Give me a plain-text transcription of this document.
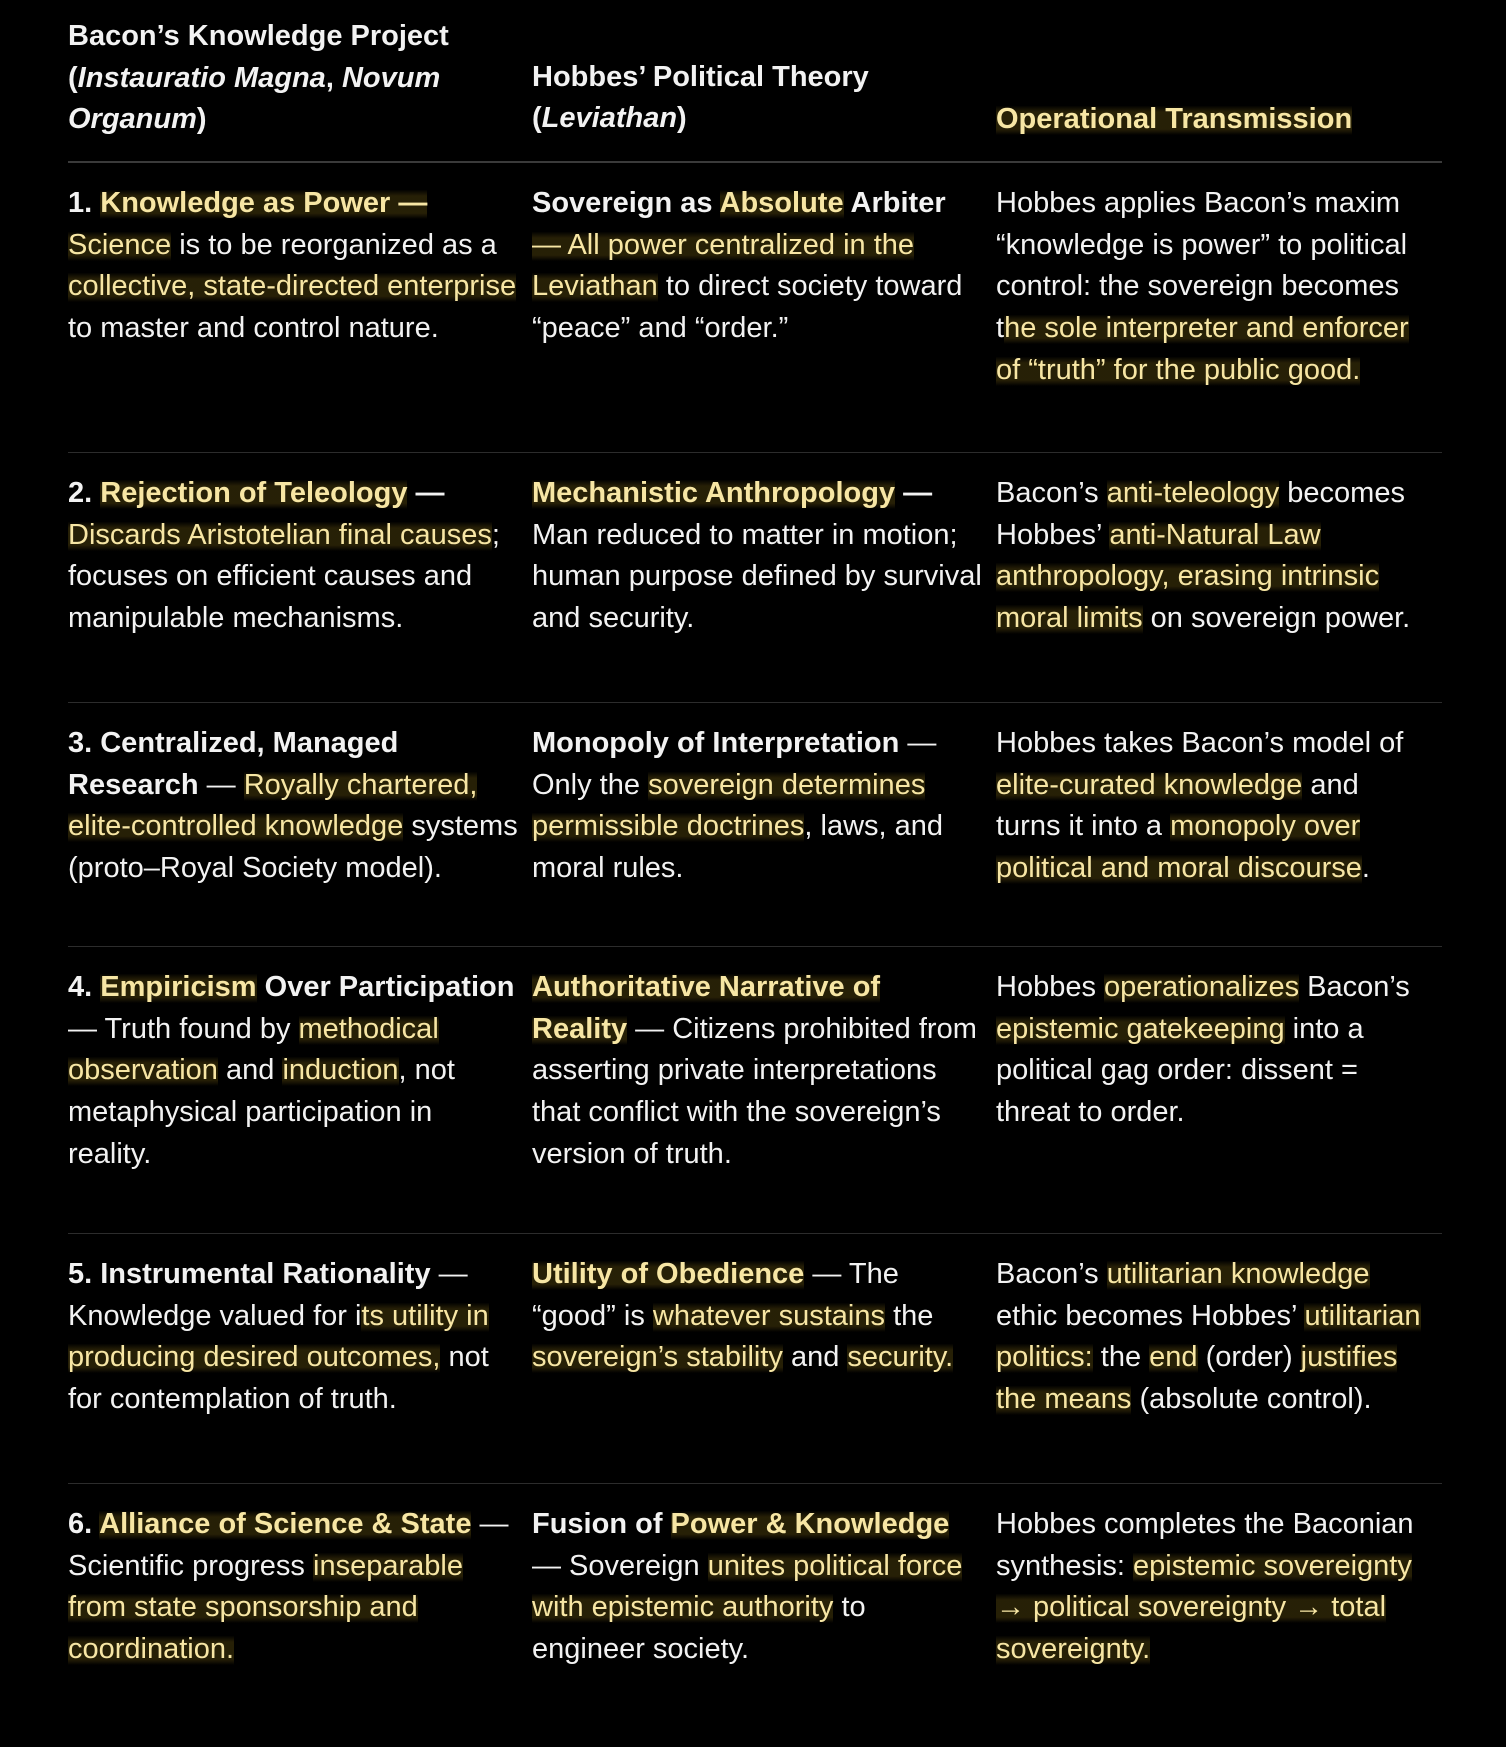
Bacon’s Knowledge Project
(Instauratio Magna, Novum Organum)
Hobbes’ Political Theory
(Leviathan)	Operational Transmission
1. Knowledge as Power — Science is to be reorganized as a collective, state-directed enterprise to master and control nature.
Sovereign as Absolute Arbiter — All power centralized in the Leviathan to direct society toward “peace” and “order.”
Hobbes applies Bacon’s maxim “knowledge is power” to political control: the sovereign becomes the sole interpreter and enforcer of “truth” for the public good.
2. Rejection of Teleology — Discards Aristotelian final causes; focuses on efficient causes and manipulable mechanisms.
Mechanistic Anthropology — Man reduced to matter in motion; human purpose defined by survival and security.
Bacon’s anti-teleology becomes Hobbes’ anti-Natural Law anthropology, erasing intrinsic moral limits on sovereign power.
3. Centralized, Managed Research — Royally chartered, elite-controlled knowledge systems (proto–Royal Society model).
Monopoly of Interpretation — Only the sovereign determines permissible doctrines, laws, and moral rules.
Hobbes takes Bacon’s model of elite-curated knowledge and turns it into a monopoly over political and moral discourse.
4. Empiricism Over Participation — Truth found by methodical observation and induction, not metaphysical participation in reality.
Authoritative Narrative of Reality — Citizens prohibited from asserting private interpretations that conflict with the sovereign’s version of truth.
Hobbes operationalizes Bacon’s epistemic gatekeeping into a political gag order: dissent = threat to order.
5. Instrumental Rationality — Knowledge valued for its utility in producing desired outcomes, not for contemplation of truth.
Utility of Obedience — The “good” is whatever sustains the sovereign’s stability and security.
Bacon’s utilitarian knowledge ethic becomes Hobbes’ utilitarian politics: the end (order) justifies the means (absolute control).
6. Alliance of Science & State — Scientific progress inseparable from state sponsorship and coordination.
Fusion of Power & Knowledge — Sovereign unites political force with epistemic authority to engineer society.
Hobbes completes the Baconian synthesis: epistemic sovereignty → political sovereignty → total sovereignty.
